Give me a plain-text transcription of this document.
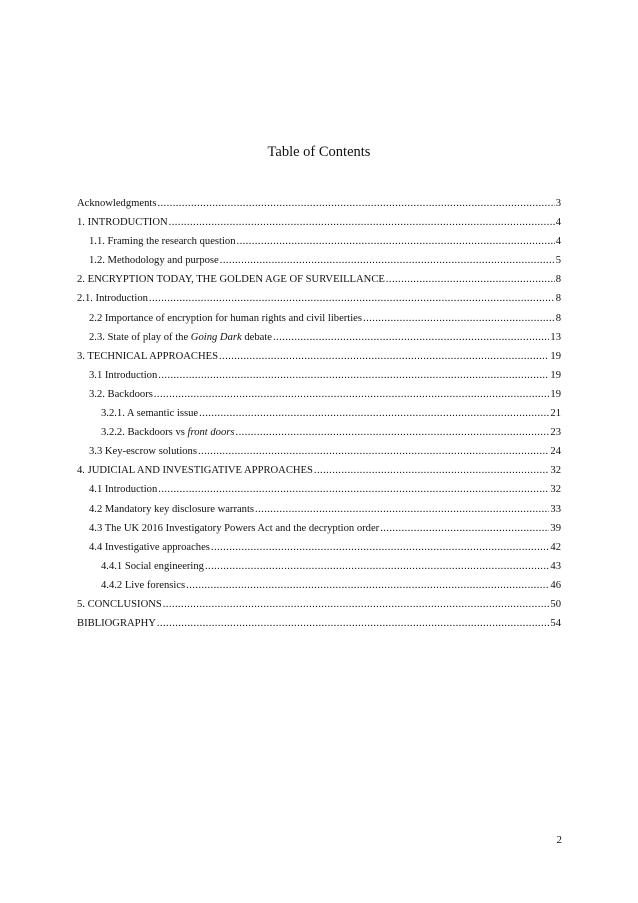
Table of Contents
Acknowledgments .....	3
1. INTRODUCTION .....	4
1.1. Framing the research question .....	4
1.2. Methodology and purpose .....	5
2. ENCRYPTION TODAY, THE GOLDEN AGE OF SURVEILLANCE .....	8
2.1. Introduction .....	8
2.2 Importance of encryption for human rights and civil liberties .....	8
2.3. State of play of the Going Dark debate .....	13
3. TECHNICAL APPROACHES .....	19
3.1 Introduction .....	19
3.2. Backdoors .....	19
3.2.1. A semantic issue .....	21
3.2.2. Backdoors vs front doors .....	23
3.3 Key-escrow solutions .....	24
4. JUDICIAL AND INVESTIGATIVE APPROACHES .....	32
4.1 Introduction .....	32
4.2 Mandatory key disclosure warrants .....	33
4.3 The UK 2016 Investigatory Powers Act and the decryption order .....	39
4.4 Investigative approaches .....	42
4.4.1 Social engineering .....	43
4.4.2 Live forensics .....	46
5. CONCLUSIONS .....	50
BIBLIOGRAPHY .....	54
2
